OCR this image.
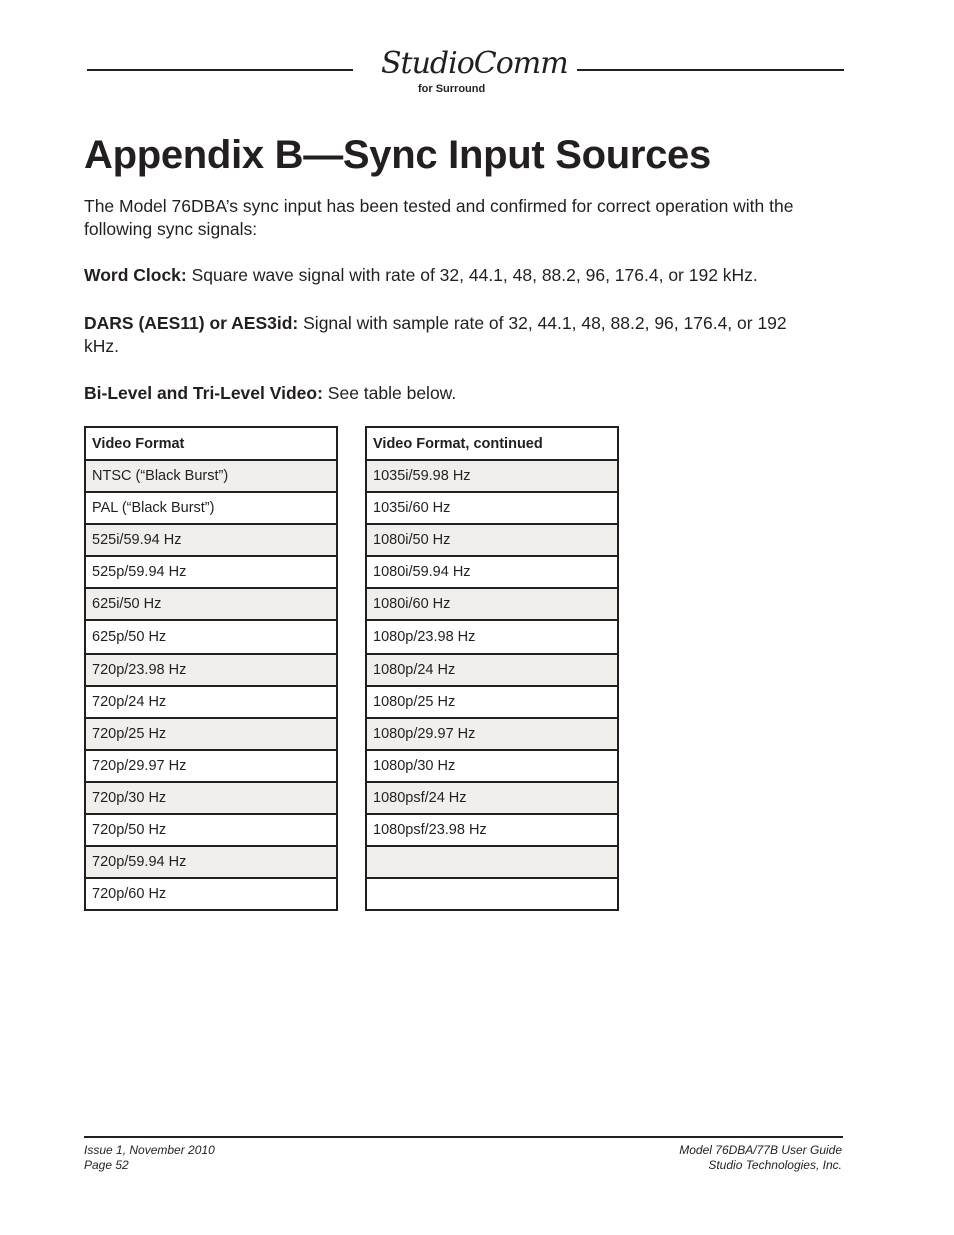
StudioComm
for Surround
Appendix B—Sync Input Sources

The Model 76DBA’s sync input has been tested and confirmed for correct operation with the following sync signals:

Word Clock: Square wave signal with rate of 32, 44.1, 48, 88.2, 96, 176.4, or 192 kHz.

DARS (AES11) or AES3id: Signal with sample rate of 32, 44.1, 48, 88.2, 96, 176.4, or 192 kHz.

Bi-Level and Tri-Level Video: See table below.

Video Format
NTSC (“Black Burst”)
PAL (“Black Burst”)
525i/59.94 Hz
525p/59.94 Hz
625i/50 Hz
625p/50 Hz
720p/23.98 Hz
720p/24 Hz
720p/25 Hz
720p/29.97 Hz
720p/30 Hz
720p/50 Hz
720p/59.94 Hz
720p/60 Hz
Video Format, continued
1035i/59.98 Hz
1035i/60 Hz
1080i/50 Hz
1080i/59.94 Hz
1080i/60 Hz
1080p/23.98 Hz
1080p/24 Hz
1080p/25 Hz
1080p/29.97 Hz
1080p/30 Hz
1080psf/24 Hz
1080psf/23.98 Hz

Issue 1, November 2010
Page 52
Model 76DBA/77B User Guide
Studio Technologies, Inc.
